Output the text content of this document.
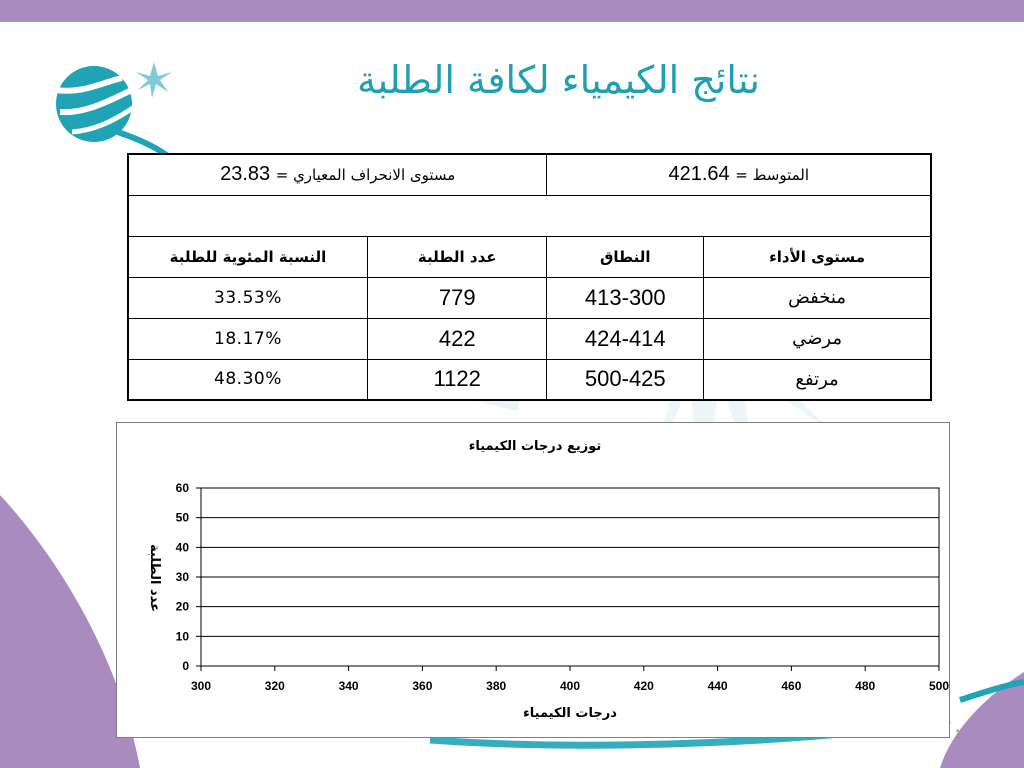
نتائج الكيمياء لكافة الطلبة
المتوسط = 421.64		مستوى الانحراف المعياري = 23.83	

مستوى الأداء	النطاق	عدد الطلبة	النسبة المئوية للطلبة
منخفض	413-300	779	33.53%
مرضي	424-414	422	18.17%
مرتفع	500-425	1122	48.30%
توزيع درجات الكيمياء
0
10
20
30
40
50
60
300	320	340	360	380	400	420	440	460	480	500
درجات الكيمياء
عدد الطلبة
1
